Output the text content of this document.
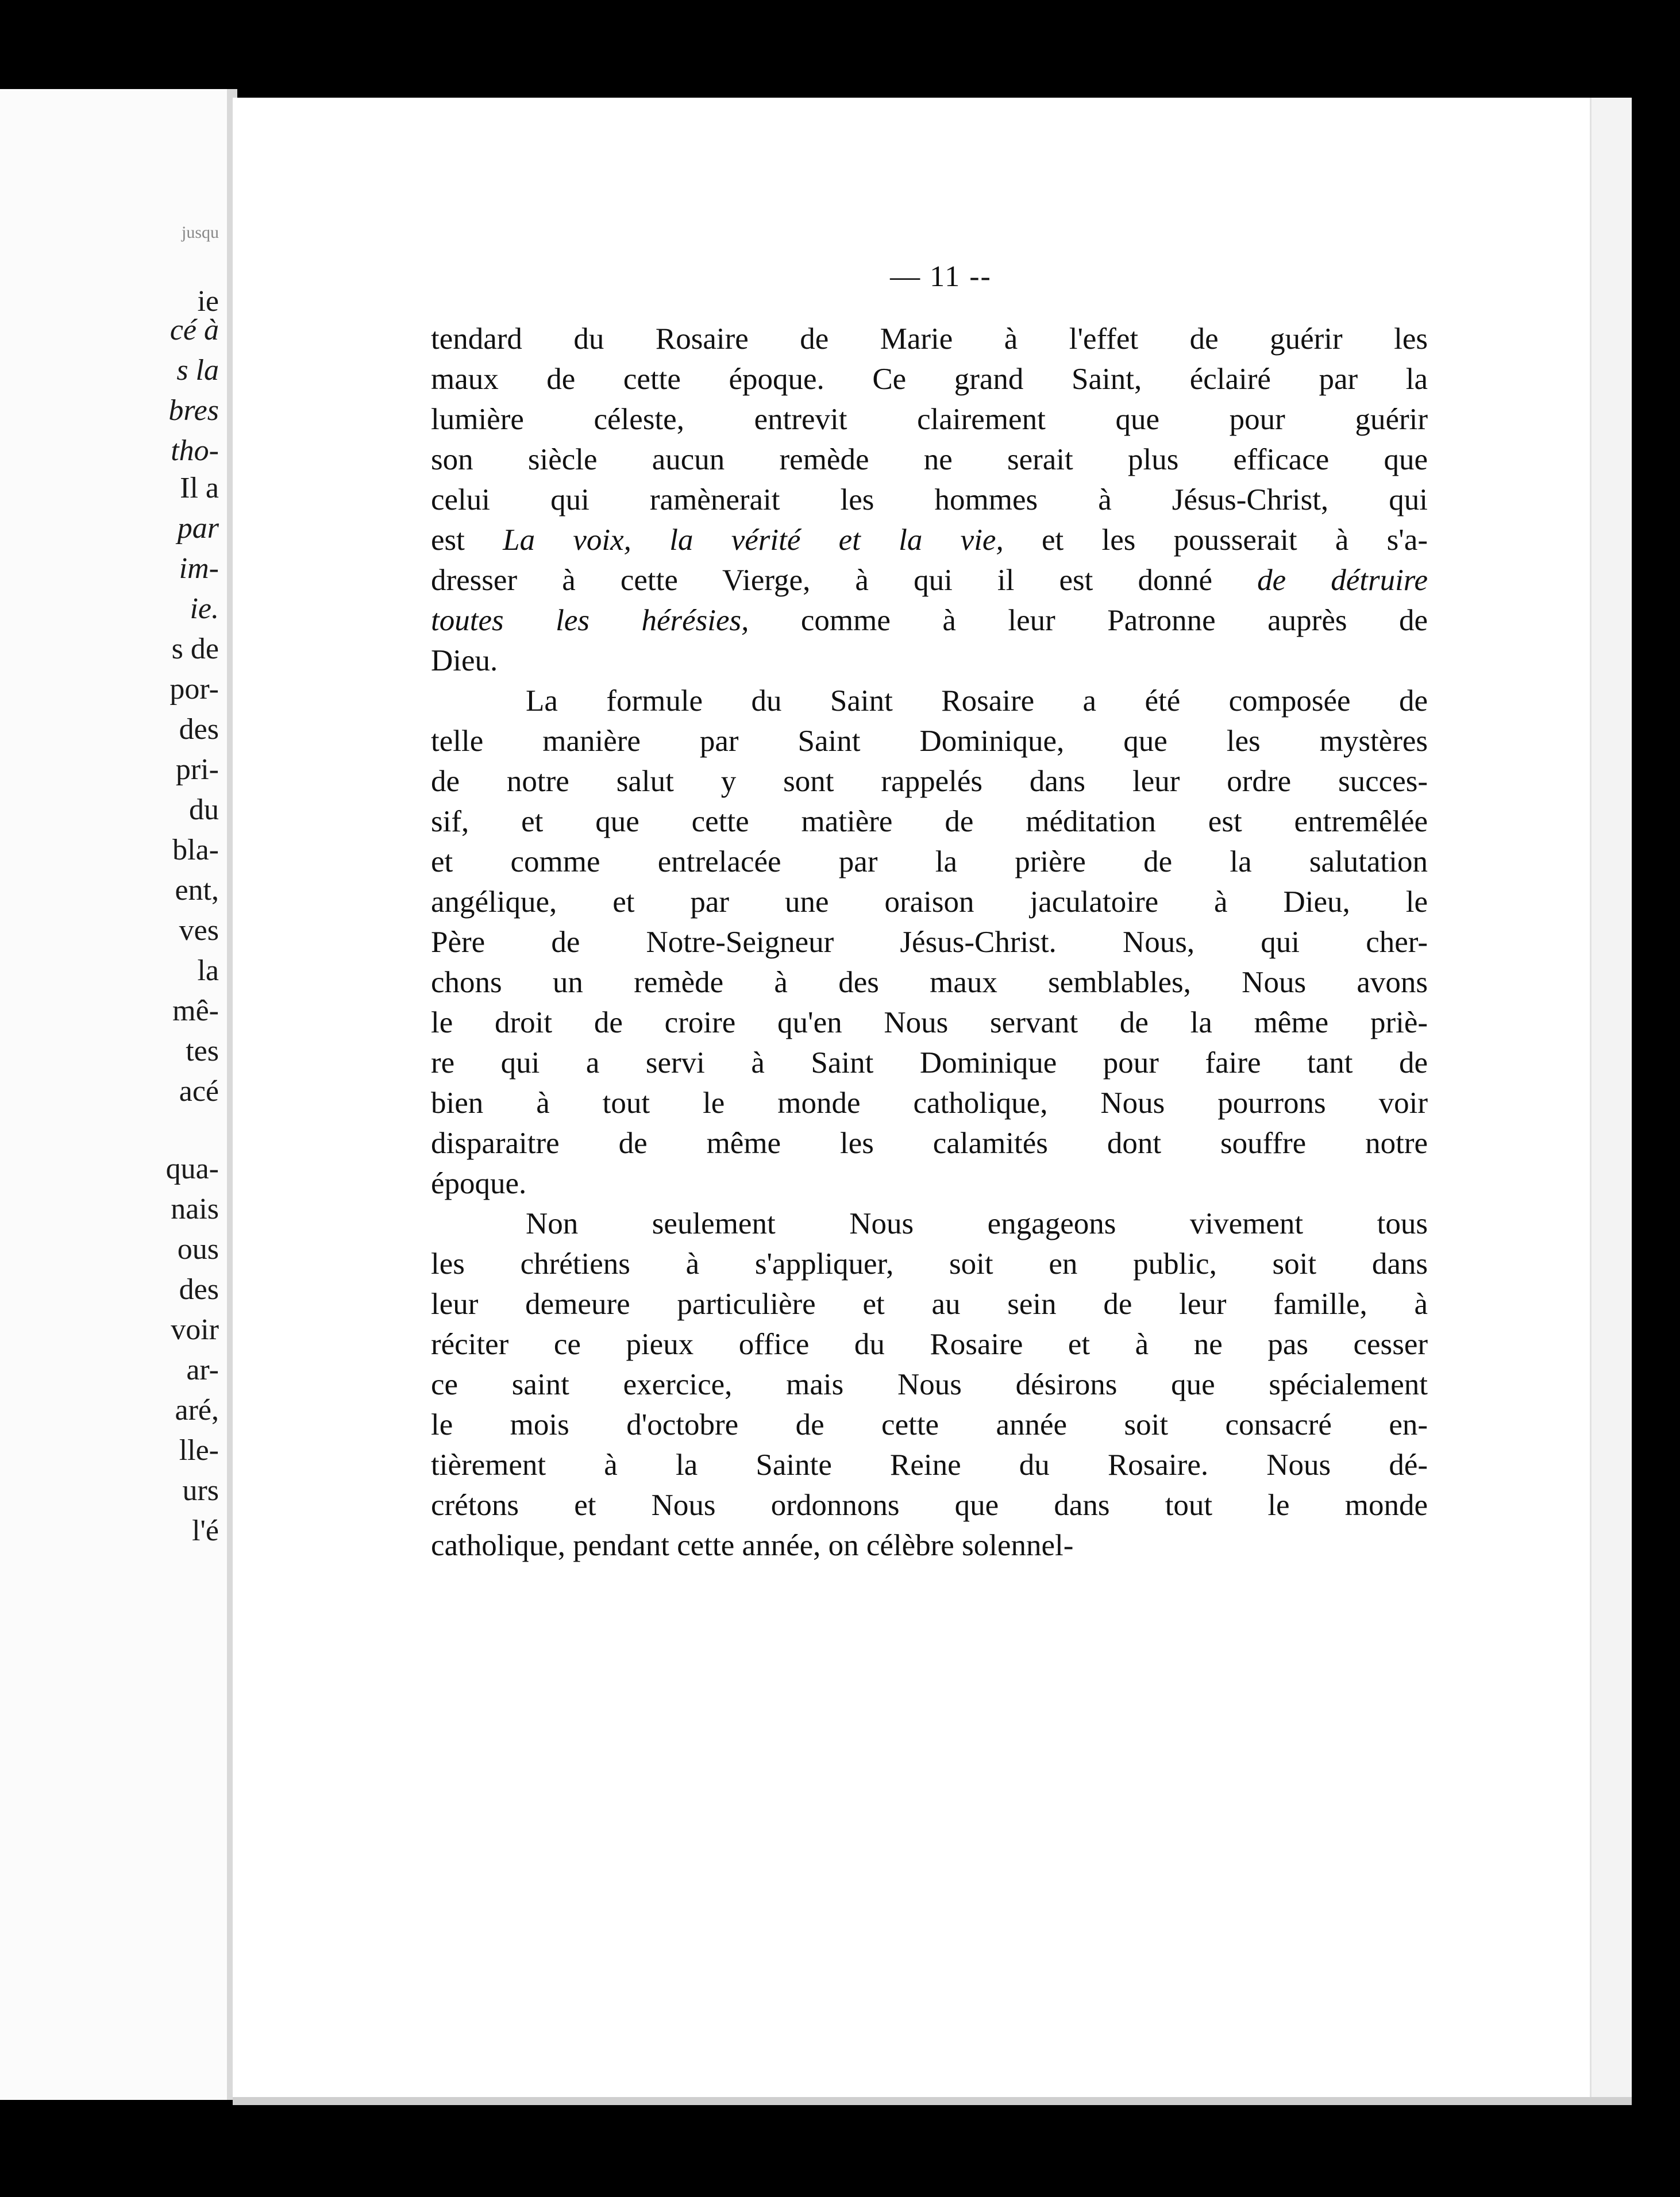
jusqu
ie
cé à
s la
bres
tho-
Il a
par
im-
ie.
s de
por-
des
pri-
du
bla-
ent,
ves
la
mê-
tes
acé
qua-
nais
ous
des
voir
ar-
aré,
lle-
urs
l'é
— 11 --
tendard du Rosaire de Marie à l'effet de guérir les
maux de cette époque. Ce grand Saint, éclairé par la
lumière céleste, entrevit clairement que pour guérir
son siècle aucun remède ne serait plus efficace que
celui qui ramènerait les hommes à Jésus-Christ, qui
est La voix, la vérité et la vie, et les pousserait à s'a-
dresser à cette Vierge, à qui il est donné de détruire
toutes les hérésies, comme à leur Patronne auprès de
Dieu.
La formule du Saint Rosaire a été composée de
telle manière par Saint Dominique, que les mystères
de notre salut y sont rappelés dans leur ordre succes-
sif, et que cette matière de méditation est entremêlée
et comme entrelacée par la prière de la salutation
angélique, et par une oraison jaculatoire à Dieu, le
Père de Notre-Seigneur Jésus-Christ. Nous, qui cher-
chons un remède à des maux semblables, Nous avons
le droit de croire qu'en Nous servant de la même priè-
re qui a servi à Saint Dominique pour faire tant de
bien à tout le monde catholique, Nous pourrons voir
disparaitre de même les calamités dont souffre notre
époque.
Non seulement Nous engageons vivement tous
les chrétiens à s'appliquer, soit en public, soit dans
leur demeure particulière et au sein de leur famille, à
réciter ce pieux office du Rosaire et à ne pas cesser
ce saint exercice, mais Nous désirons que spécialement
le mois d'octobre de cette année soit consacré en-
tièrement à la Sainte Reine du Rosaire. Nous dé-
crétons et Nous ordonnons que dans tout le monde
catholique, pendant cette année, on célèbre solennel-
